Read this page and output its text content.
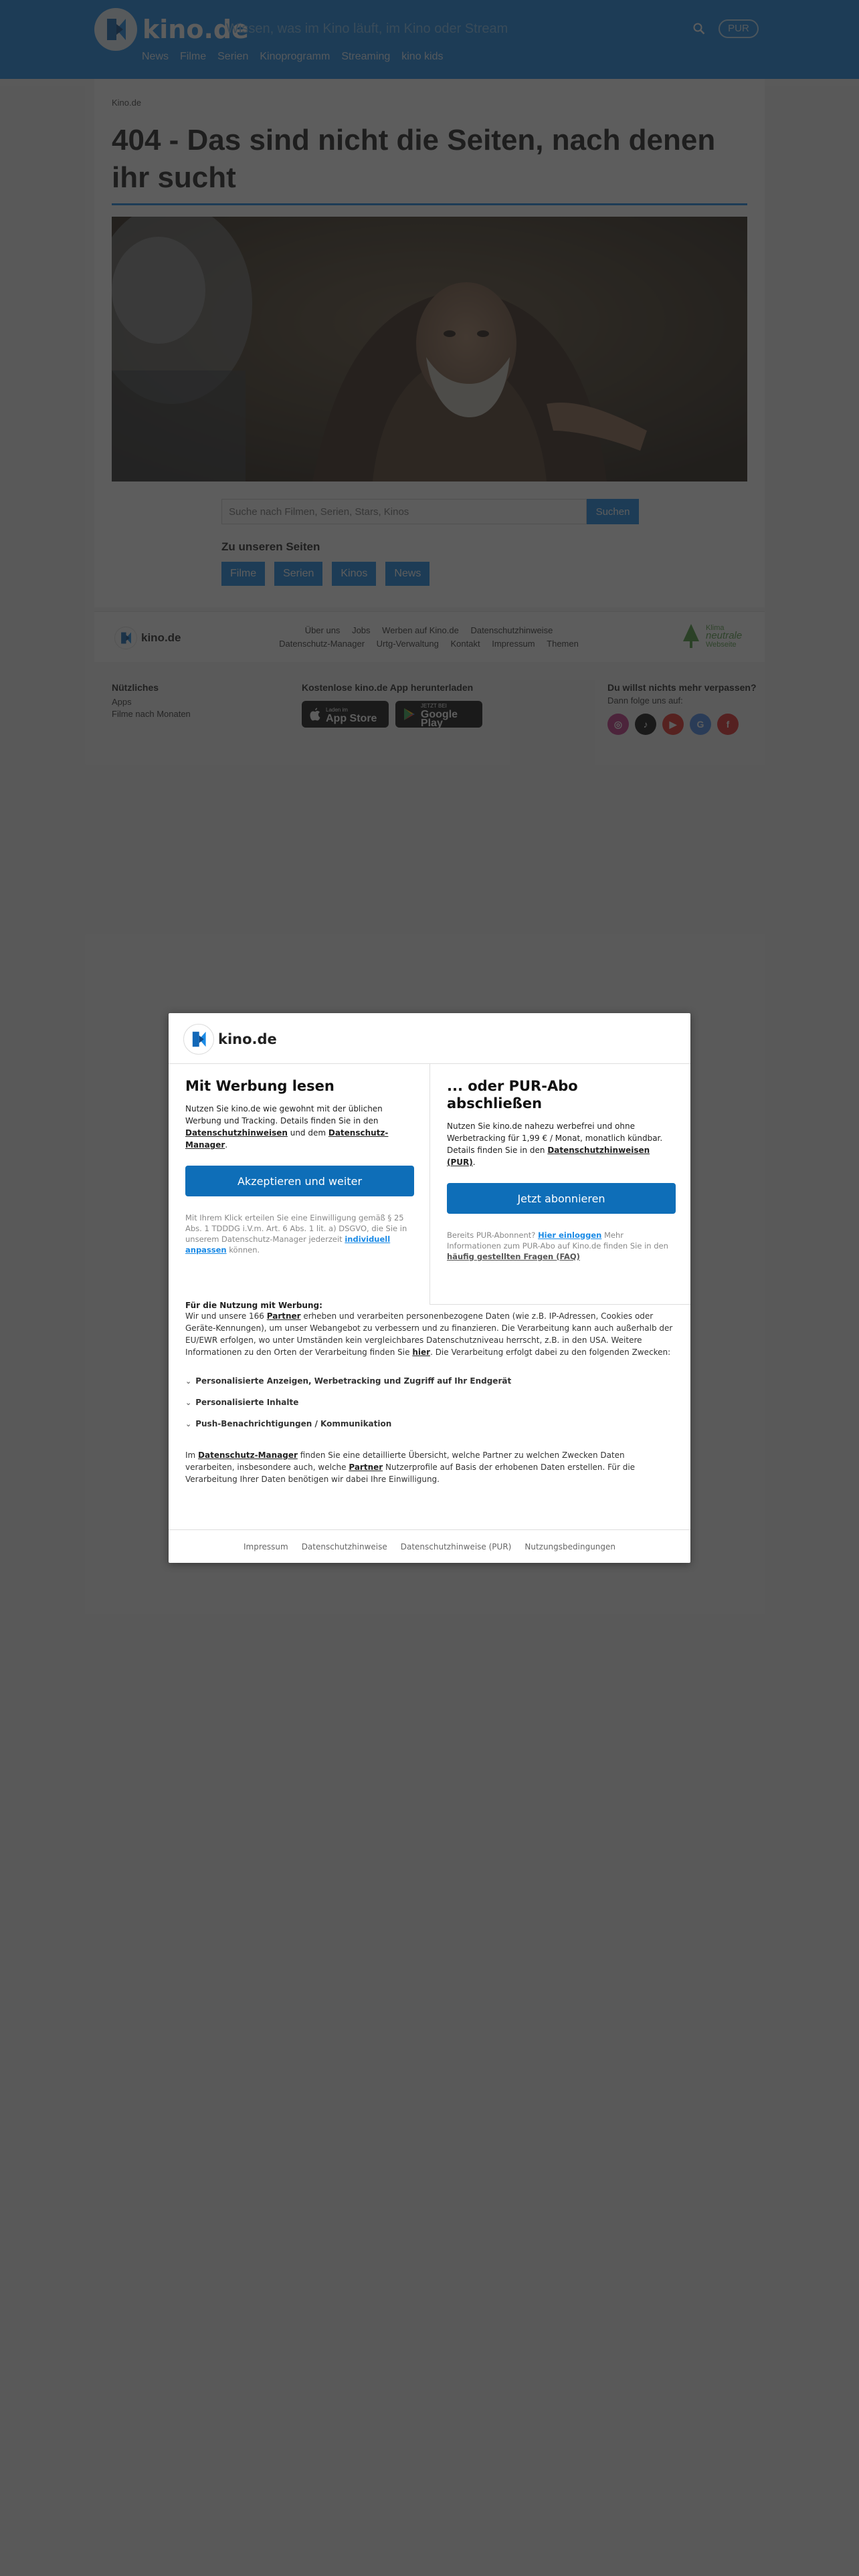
Suche nach Filmen, Serien, Stars, Kinos

kino.de
Mit Werbung lesen

Nutzen Sie kino.de wie gewohnt mit der üblichen Werbung und Tracking. Details finden Sie in den Datenschutzhinweisen und dem Datenschutz-Manager.

Akzeptieren und weiter

Mit Ihrem Klick erteilen Sie eine Einwilligung gemäß § 25 Abs. 1 TDDDG i.V.m. Art. 6 Abs. 1 lit. a) DSGVO, die Sie in unserem Datenschutz-Manager jederzeit individuell anpassen können.

... oder PUR-Abo abschließen

Nutzen Sie kino.de nahezu werbefrei und ohne Werbetracking für 1,99 € / Monat, monatlich kündbar. Details finden Sie in den Datenschutzhinweisen (PUR).

Jetzt abonnieren

Bereits PUR-Abonnent? Hier einloggen Mehr Informationen zum PUR-Abo auf Kino.de finden Sie in den häufig gestellten Fragen (FAQ)

Für die Nutzung mit Werbung:

Wir und unsere 166 Partner erheben und verarbeiten personenbezogene Daten (wie z.B. IP-Adressen, Cookies oder Geräte-Kennungen), um unser Webangebot zu verbessern und zu finanzieren. Die Verarbeitung kann auch außerhalb der EU/EWR erfolgen, wo unter Umständen kein vergleichbares Datenschutzniveau herrscht, z.B. in den USA. Weitere Informationen zu den Orten der Verarbeitung finden Sie hier. Die Verarbeitung erfolgt dabei zu den folgenden Zwecken:

⌄ Personalisierte Anzeigen, Werbetracking und Zugriff auf Ihr Endgerät
⌄ Personalisierte Inhalte
⌄ Push-Benachrichtigungen / Kommunikation

Im Datenschutz-Manager finden Sie eine detaillierte Übersicht, welche Partner zu welchen Zwecken Daten verarbeiten, insbesondere auch, welche Partner Nutzerprofile auf Basis der erhobenen Daten erstellen. Für die Verarbeitung Ihrer Daten benötigen wir dabei Ihre Einwilligung.

Impressum Datenschutzhinweise Datenschutzhinweise (PUR) Nutzungsbedingungen
